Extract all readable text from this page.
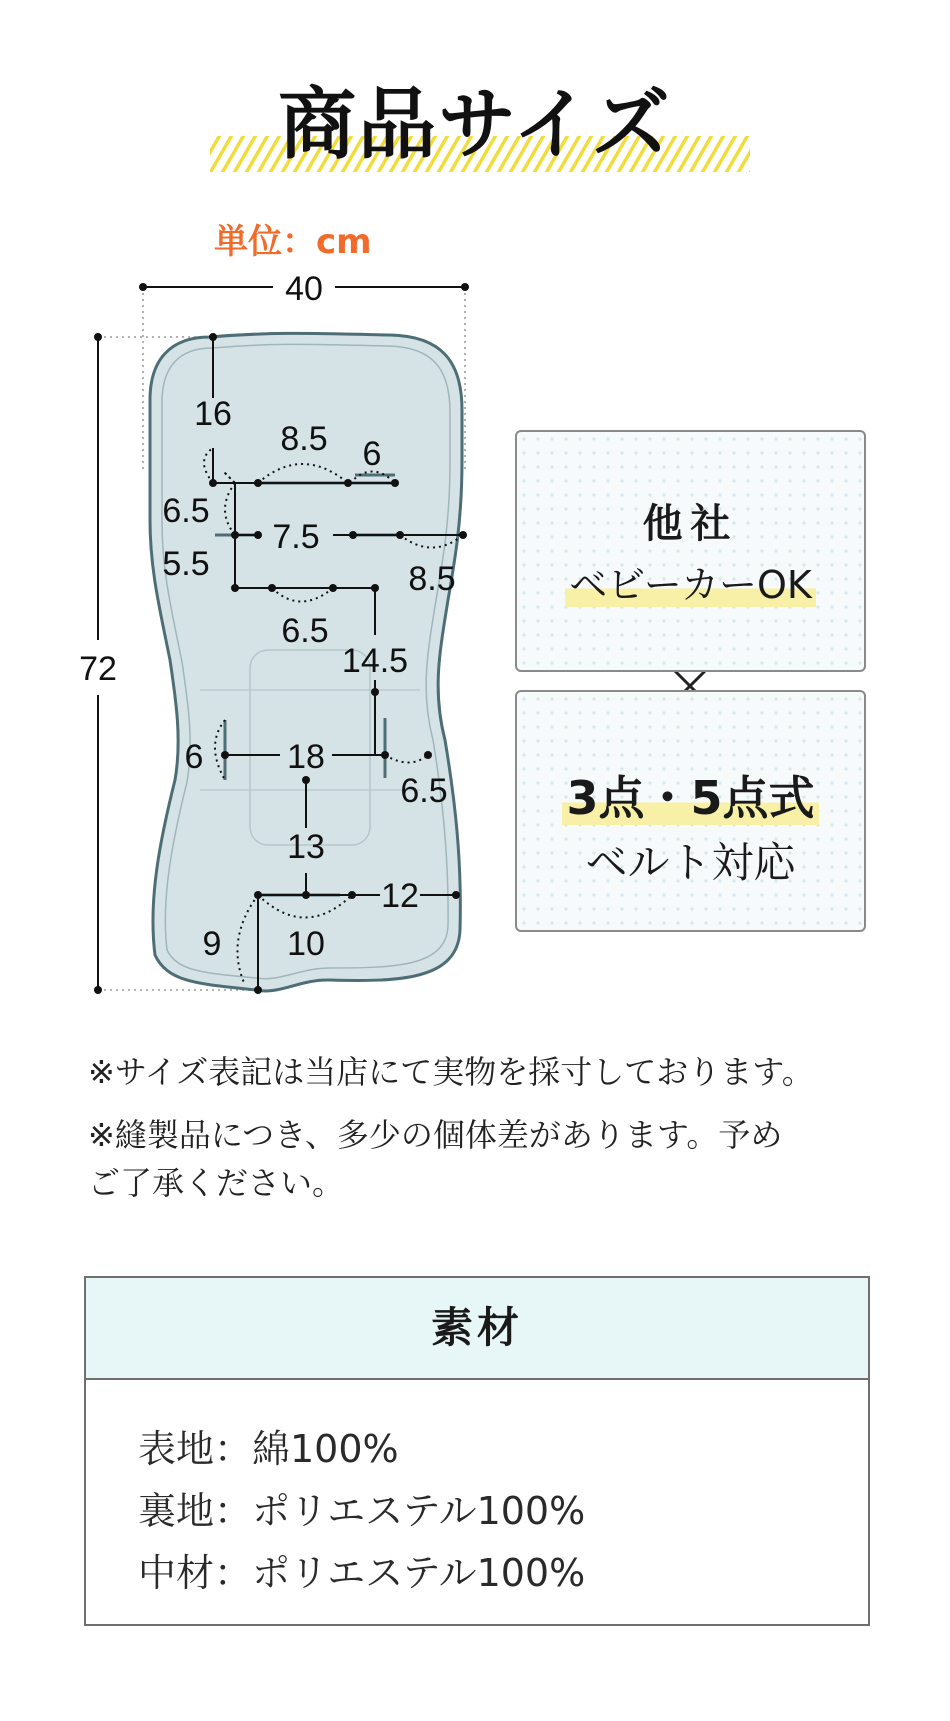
商品サイズ
単位：cm
40
72
16
8.5 6
6.5
5.5
7.5
8.5
6.5
14.5
6 18
6.5
13
12
9 10
他社
ベビーカーOK
3点・5点式
ベルト対応
※サイズ表記は当店にて実物を採寸しております。
※縫製品につき、多少の個体差があります。予め
ご了承ください。
素材
表地：綿100%
裏地：ポリエステル100%
中材：ポリエステル100%
